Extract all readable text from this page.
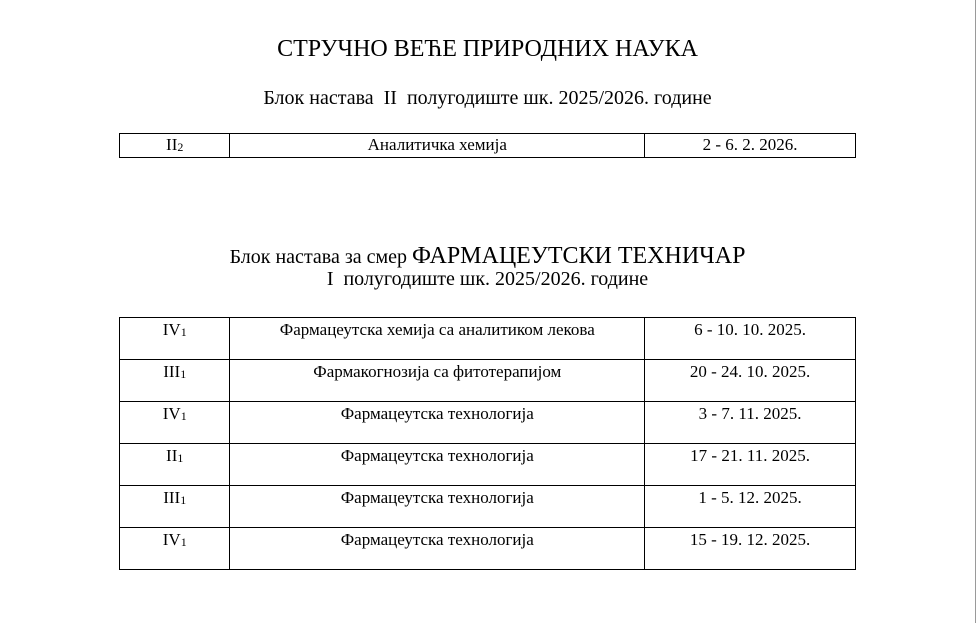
СТРУЧНО ВЕЋЕ ПРИРОДНИХ НАУКА
Блок настава  II  полугодиште шк. 2025/2026. године
$II_2$	Аналитичка хемија	2 - 6. 2. 2026.
Блок настава за смер ФАРМАЦЕУТСКИ ТЕХНИЧАР
I  полугодиште шк. 2025/2026. године
$IV_1$	Фармацеутска хемија са аналитиком лекова	6 - 10. 10. 2025.
$III_1$	Фармакогнозија са фитотерапијом	20 - 24. 10. 2025.
$IV_1$	Фармацеутска технологија	3 - 7. 11. 2025.
$II_1$	Фармацеутска технологија	17 - 21. 11. 2025.
$III_1$	Фармацеутска технологија	1 - 5. 12. 2025.
$IV_1$	Фармацеутска технологија	15 - 19. 12. 2025.
